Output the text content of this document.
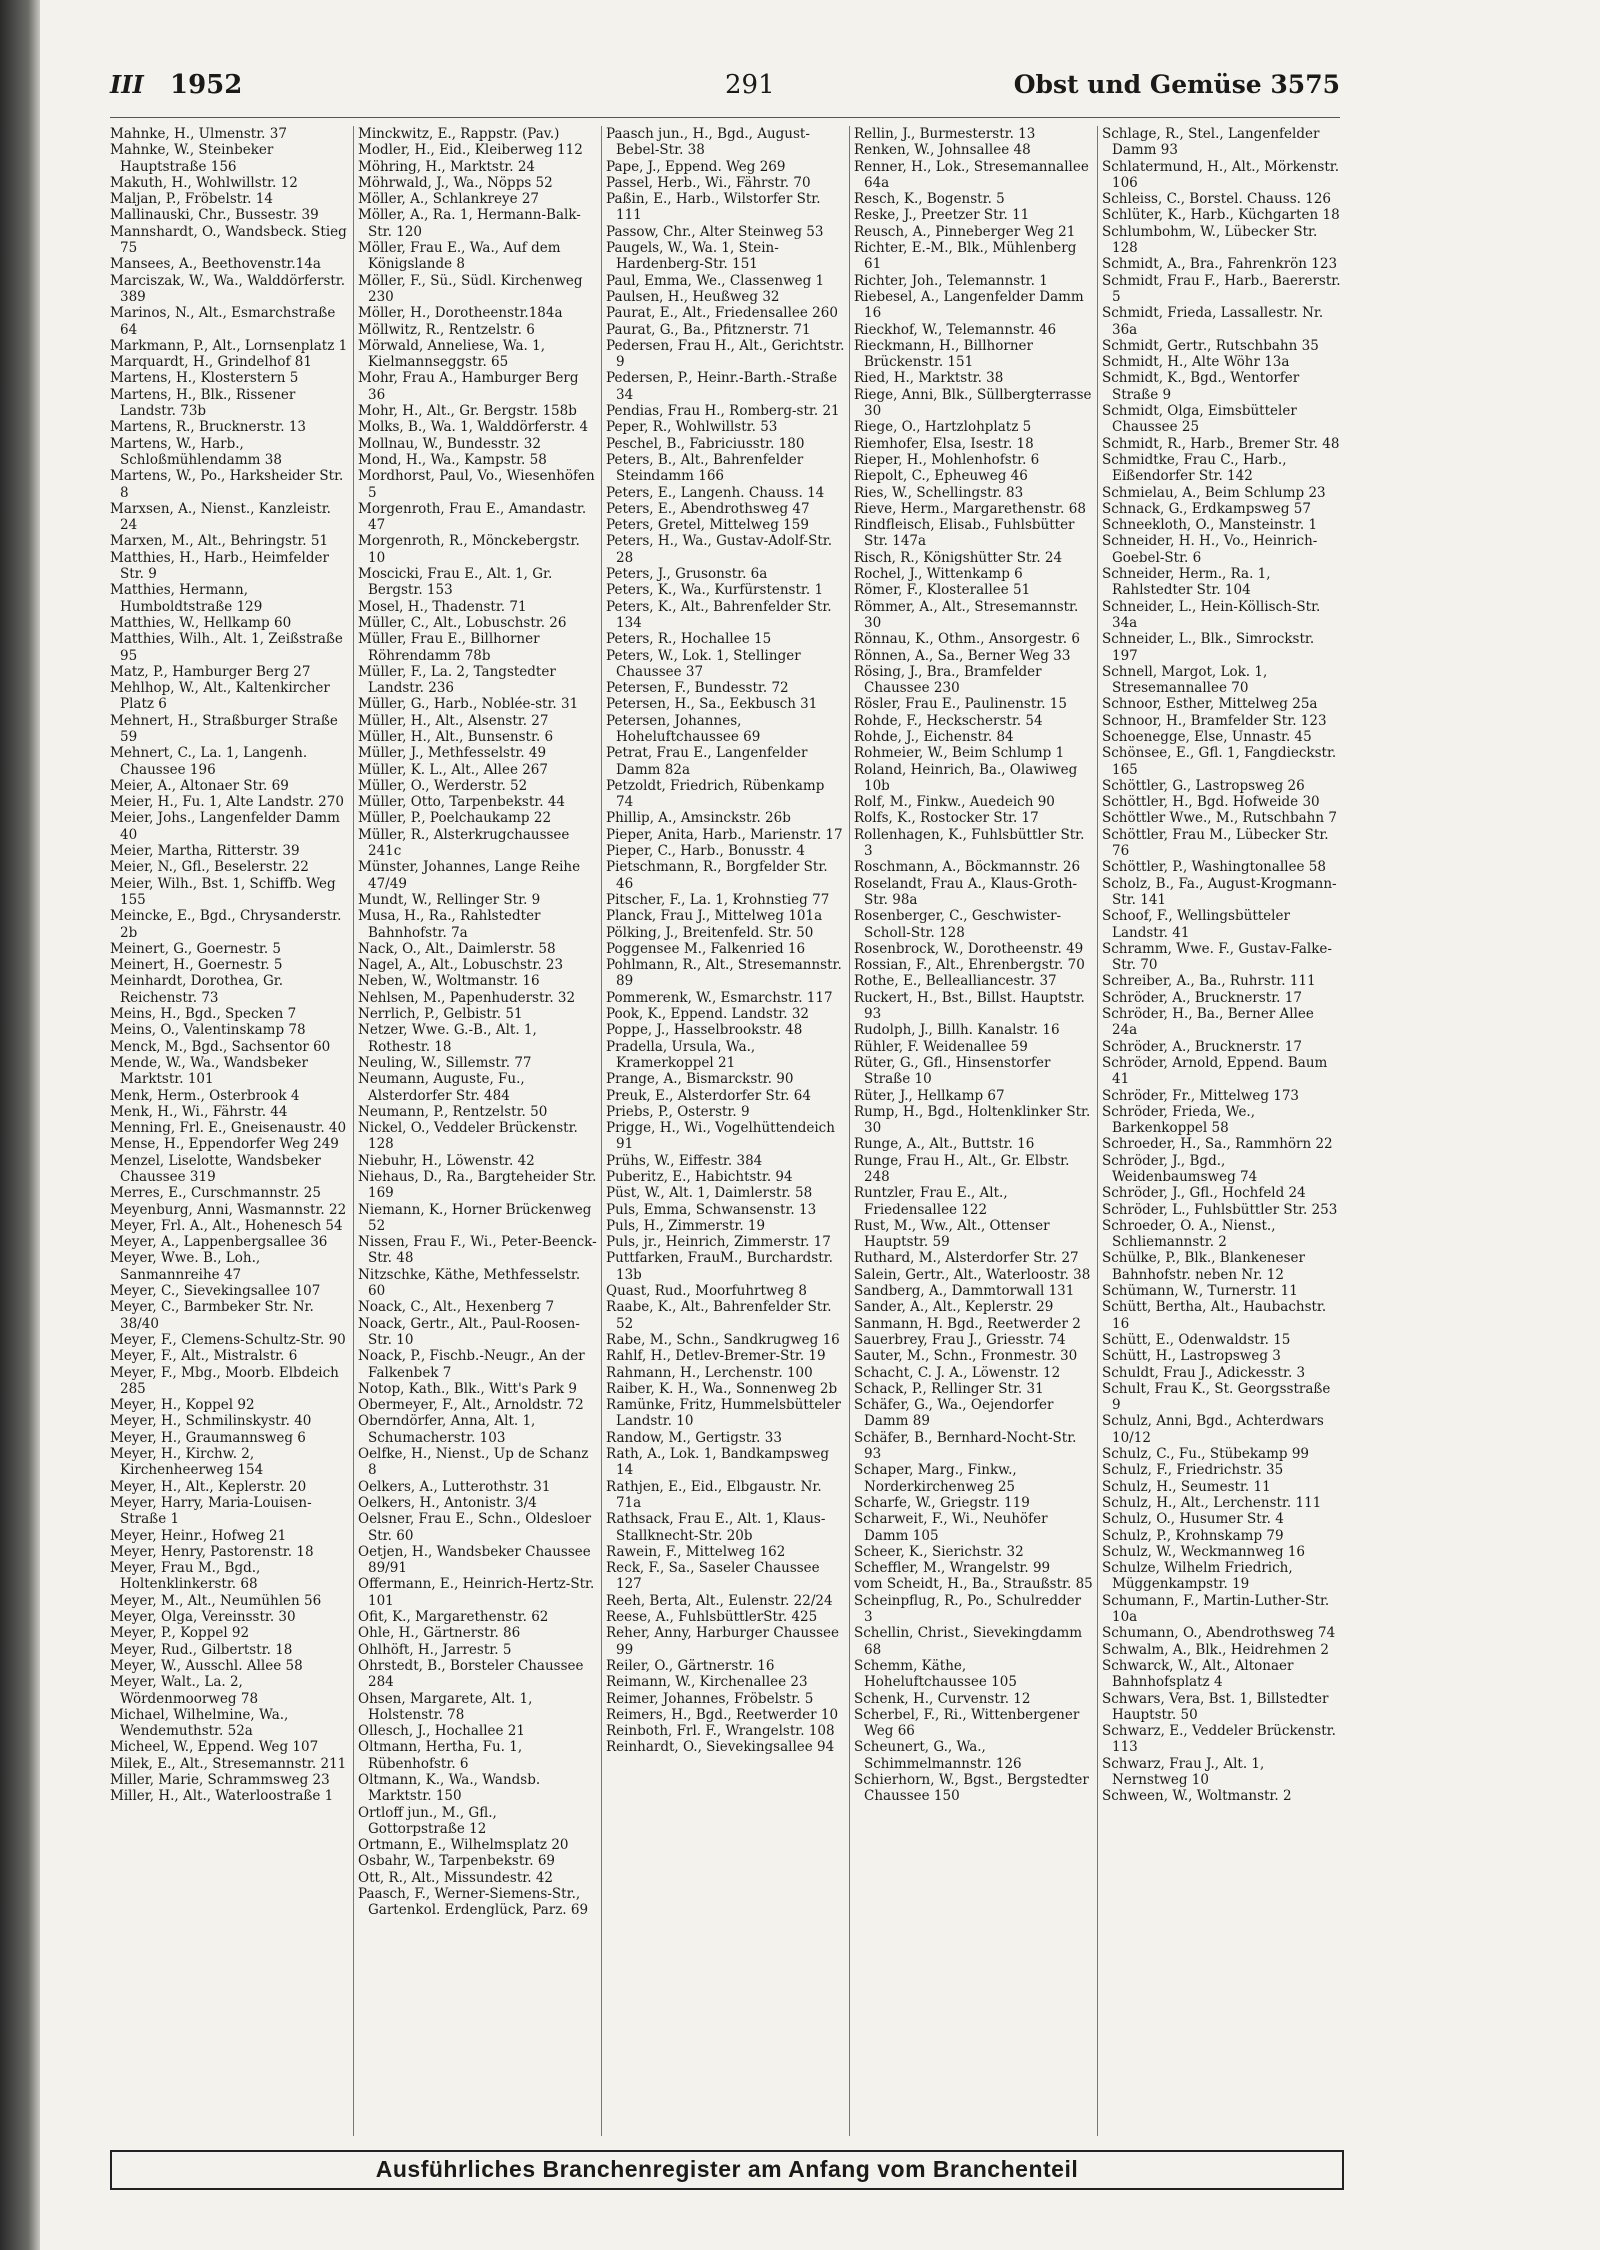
III 1952	291	Obst und Gemüse 3575
Mahnke, H., Ulmenstr. 37
Mahnke, W., Steinbeker Hauptstraße 156
Makuth, H., Wohlwillstr. 12
Maljan, P., Fröbelstr. 14
Mallinauski, Chr., Bussestr. 39
Mannshardt, O., Wandsbeck. Stieg 75
Mansees, A., Beethovenstr.14a
Marciszak, W., Wa., Walddörferstr. 389
Marinos, N., Alt., Esmarchstraße 64
Markmann, P., Alt., Lornsenplatz 1
Marquardt, H., Grindelhof 81
Martens, H., Klosterstern 5
Martens, H., Blk., Rissener Landstr. 73b
Martens, R., Brucknerstr. 13
Martens, W., Harb., Schloßmühlendamm 38
Martens, W., Po., Harksheider Str. 8
Marxsen, A., Nienst., Kanzleistr. 24
Marxen, M., Alt., Behringstr. 51
Matthies, H., Harb., Heimfelder Str. 9
Matthies, Hermann, Humboldtstraße 129
Matthies, W., Hellkamp 60
Matthies, Wilh., Alt. 1, Zeißstraße 95
Matz, P., Hamburger Berg 27
Mehlhop, W., Alt., Kaltenkircher Platz 6
Mehnert, H., Straßburger Straße 59
Mehnert, C., La. 1, Langenh. Chaussee 196
Meier, A., Altonaer Str. 69
Meier, H., Fu. 1, Alte Landstr. 270
Meier, Johs., Langenfelder Damm 40
Meier, Martha, Ritterstr. 39
Meier, N., Gfl., Beselerstr. 22
Meier, Wilh., Bst. 1, Schiffb. Weg 155
Meincke, E., Bgd., Chrysanderstr. 2b
Meinert, G., Goernestr. 5
Meinert, H., Goernestr. 5
Meinhardt, Dorothea, Gr. Reichenstr. 73
Meins, H., Bgd., Specken 7
Meins, O., Valentinskamp 78
Menck, M., Bgd., Sachsentor 60
Mende, W., Wa., Wandsbeker Marktstr. 101
Menk, Herm., Osterbrook 4
Menk, H., Wi., Fährstr. 44
Menning, Frl. E., Gneisenaustr. 40
Mense, H., Eppendorfer Weg 249
Menzel, Liselotte, Wandsbeker Chaussee 319
Merres, E., Curschmannstr. 25
Meyenburg, Anni, Wasmannstr. 22
Meyer, Frl. A., Alt., Hohenesch 54
Meyer, A., Lappenbergsallee 36
Meyer, Wwe. B., Loh., Sanmannreihe 47
Meyer, C., Sievekingsallee 107
Meyer, C., Barmbeker Str. Nr. 38/40
Meyer, F., Clemens-Schultz-Str. 90
Meyer, F., Alt., Mistralstr. 6
Meyer, F., Mbg., Moorb. Elbdeich 285
Meyer, H., Koppel 92
Meyer, H., Schmilinskystr. 40
Meyer, H., Graumannsweg 6
Meyer, H., Kirchw. 2, Kirchenheerweg 154
Meyer, H., Alt., Keplerstr. 20
Meyer, Harry, Maria-Louisen-Straße 1
Meyer, Heinr., Hofweg 21
Meyer, Henry, Pastorenstr. 18
Meyer, Frau M., Bgd., Holtenklinkerstr. 68
Meyer, M., Alt., Neumühlen 56
Meyer, Olga, Vereinsstr. 30
Meyer, P., Koppel 92
Meyer, Rud., Gilbertstr. 18
Meyer, W., Ausschl. Allee 58
Meyer, Walt., La. 2, Wördenmoorweg 78
Michael, Wilhelmine, Wa., Wendemuthstr. 52a
Micheel, W., Eppend. Weg 107
Milek, E., Alt., Stresemannstr. 211
Miller, Marie, Schrammsweg 23
Miller, H., Alt., Waterloostraße 1
Minckwitz, E., Rappstr. (Pav.)
Modler, H., Eid., Kleiberweg 112
Möhring, H., Marktstr. 24
Möhrwald, J., Wa., Nöpps 52
Möller, A., Schlankreye 27
Möller, A., Ra. 1, Hermann-Balk-Str. 120
Möller, Frau E., Wa., Auf dem Königslande 8
Möller, F., Sü., Südl. Kirchenweg 230
Möller, H., Dorotheenstr.184a
Möllwitz, R., Rentzelstr. 6
Mörwald, Anneliese, Wa. 1, Kielmannseggstr. 65
Mohr, Frau A., Hamburger Berg 36
Mohr, H., Alt., Gr. Bergstr. 158b
Molks, B., Wa. 1, Walddörferstr. 4
Mollnau, W., Bundesstr. 32
Mond, H., Wa., Kampstr. 58
Mordhorst, Paul, Vo., Wiesenhöfen 5
Morgenroth, Frau E., Amandastr. 47
Morgenroth, R., Mönckebergstr. 10
Moscicki, Frau E., Alt. 1, Gr. Bergstr. 153
Mosel, H., Thadenstr. 71
Müller, C., Alt., Lobuschstr. 26
Müller, Frau E., Billhorner Röhrendamm 78b
Müller, F., La. 2, Tangstedter Landstr. 236
Müller, G., Harb., Noblée-str. 31
Müller, H., Alt., Alsenstr. 27
Müller, H., Alt., Bunsenstr. 6
Müller, J., Methfesselstr. 49
Müller, K. L., Alt., Allee 267
Müller, O., Werderstr. 52
Müller, Otto, Tarpenbekstr. 44
Müller, P., Poelchaukamp 22
Müller, R., Alsterkrugchaussee 241c
Münster, Johannes, Lange Reihe 47/49
Mundt, W., Rellinger Str. 9
Musa, H., Ra., Rahlstedter Bahnhofstr. 7a
Nack, O., Alt., Daimlerstr. 58
Nagel, A., Alt., Lobuschstr. 23
Neben, W., Woltmanstr. 16
Nehlsen, M., Papenhuderstr. 32
Nerrlich, P., Gelbistr. 51
Netzer, Wwe. G.-B., Alt. 1, Rothestr. 18
Neuling, W., Sillemstr. 77
Neumann, Auguste, Fu., Alsterdorfer Str. 484
Neumann, P., Rentzelstr. 50
Nickel, O., Veddeler Brückenstr. 128
Niebuhr, H., Löwenstr. 42
Niehaus, D., Ra., Bargteheider Str. 169
Niemann, K., Horner Brückenweg 52
Nissen, Frau F., Wi., Peter-Beenck-Str. 48
Nitzschke, Käthe, Methfesselstr. 60
Noack, C., Alt., Hexenberg 7
Noack, Gertr., Alt., Paul-Roosen-Str. 10
Noack, P., Fischb.-Neugr., An der Falkenbek 7
Notop, Kath., Blk., Witt's Park 9
Obermeyer, F., Alt., Arnoldstr. 72
Oberndörfer, Anna, Alt. 1, Schumacherstr. 103
Oelfke, H., Nienst., Up de Schanz 8
Oelkers, A., Lutterothstr. 31
Oelkers, H., Antonistr. 3/4
Oelsner, Frau E., Schn., Oldesloer Str. 60
Oetjen, H., Wandsbeker Chaussee 89/91
Offermann, E., Heinrich-Hertz-Str. 101
Ofit, K., Margarethenstr. 62
Ohle, H., Gärtnerstr. 86
Ohlhöft, H., Jarrestr. 5
Ohrstedt, B., Borsteler Chaussee 284
Ohsen, Margarete, Alt. 1, Holstenstr. 78
Ollesch, J., Hochallee 21
Oltmann, Hertha, Fu. 1, Rübenhofstr. 6
Oltmann, K., Wa., Wandsb. Marktstr. 150
Ortloff jun., M., Gfl., Gottorpstraße 12
Ortmann, E., Wilhelmsplatz 20
Osbahr, W., Tarpenbekstr. 69
Ott, R., Alt., Missundestr. 42
Paasch, F., Werner-Siemens-Str., Gartenkol. Erdenglück, Parz. 69
Paasch jun., H., Bgd., August-Bebel-Str. 38
Pape, J., Eppend. Weg 269
Passel, Herb., Wi., Fährstr. 70
Paßin, E., Harb., Wilstorfer Str. 111
Passow, Chr., Alter Steinweg 53
Paugels, W., Wa. 1, Stein-Hardenberg-Str. 151
Paul, Emma, We., Classenweg 1
Paulsen, H., Heußweg 32
Paurat, E., Alt., Friedensallee 260
Paurat, G., Ba., Pfitznerstr. 71
Pedersen, Frau H., Alt., Gerichtstr. 9
Pedersen, P., Heinr.-Barth.-Straße 34
Pendias, Frau H., Romberg-str. 21
Peper, R., Wohlwillstr. 53
Peschel, B., Fabriciusstr. 180
Peters, B., Alt., Bahrenfelder Steindamm 166
Peters, E., Langenh. Chauss. 14
Peters, E., Abendrothsweg 47
Peters, Gretel, Mittelweg 159
Peters, H., Wa., Gustav-Adolf-Str. 28
Peters, J., Grusonstr. 6a
Peters, K., Wa., Kurfürstenstr. 1
Peters, K., Alt., Bahrenfelder Str. 134
Peters, R., Hochallee 15
Peters, W., Lok. 1, Stellinger Chaussee 37
Petersen, F., Bundesstr. 72
Petersen, H., Sa., Eekbusch 31
Petersen, Johannes, Hoheluftchaussee 69
Petrat, Frau E., Langenfelder Damm 82a
Petzoldt, Friedrich, Rübenkamp 74
Phillip, A., Amsinckstr. 26b
Pieper, Anita, Harb., Marienstr. 17
Pieper, C., Harb., Bonusstr. 4
Pietschmann, R., Borgfelder Str. 46
Pitscher, F., La. 1, Krohnstieg 77
Planck, Frau J., Mittelweg 101a
Pölking, J., Breitenfeld. Str. 50
Poggensee M., Falkenried 16
Pohlmann, R., Alt., Stresemannstr. 89
Pommerenk, W., Esmarchstr. 117
Pook, K., Eppend. Landstr. 32
Poppe, J., Hasselbrookstr. 48
Pradella, Ursula, Wa., Kramerkoppel 21
Prange, A., Bismarckstr. 90
Preuk, E., Alsterdorfer Str. 64
Priebs, P., Osterstr. 9
Prigge, H., Wi., Vogelhüttendeich 91
Prühs, W., Eiffestr. 384
Puberitz, E., Habichtstr. 94
Püst, W., Alt. 1, Daimlerstr. 58
Puls, Emma, Schwansenstr. 13
Puls, H., Zimmerstr. 19
Puls, jr., Heinrich, Zimmerstr. 17
Puttfarken, FrauM., Burchardstr. 13b
Quast, Rud., Moorfuhrtweg 8
Raabe, K., Alt., Bahrenfelder Str. 52
Rabe, M., Schn., Sandkrugweg 16
Rahlf, H., Detlev-Bremer-Str. 19
Rahmann, H., Lerchenstr. 100
Raiber, K. H., Wa., Sonnenweg 2b
Ramünke, Fritz, Hummelsbütteler Landstr. 10
Randow, M., Gertigstr. 33
Rath, A., Lok. 1, Bandkampsweg 14
Rathjen, E., Eid., Elbgaustr. Nr. 71a
Rathsack, Frau E., Alt. 1, Klaus-Stallknecht-Str. 20b
Rawein, F., Mittelweg 162
Reck, F., Sa., Saseler Chaussee 127
Reeh, Berta, Alt., Eulenstr. 22/24
Reese, A., FuhlsbüttlerStr. 425
Reher, Anny, Harburger Chaussee 99
Reiler, O., Gärtnerstr. 16
Reimann, W., Kirchenallee 23
Reimer, Johannes, Fröbelstr. 5
Reimers, H., Bgd., Reetwerder 10
Reinboth, Frl. F., Wrangelstr. 108
Reinhardt, O., Sievekingsallee 94
Rellin, J., Burmesterstr. 13
Renken, W., Johnsallee 48
Renner, H., Lok., Stresemannallee 64a
Resch, K., Bogenstr. 5
Reske, J., Preetzer Str. 11
Reusch, A., Pinneberger Weg 21
Richter, E.-M., Blk., Mühlenberg 61
Richter, Joh., Telemannstr. 1
Riebesel, A., Langenfelder Damm 16
Rieckhof, W., Telemannstr. 46
Rieckmann, H., Billhorner Brückenstr. 151
Ried, H., Marktstr. 38
Riege, Anni, Blk., Süllbergterrasse 30
Riege, O., Hartzlohplatz 5
Riemhofer, Elsa, Isestr. 18
Rieper, H., Mohlenhofstr. 6
Riepolt, C., Epheuweg 46
Ries, W., Schellingstr. 83
Rieve, Herm., Margarethenstr. 68
Rindfleisch, Elisab., Fuhlsbütter Str. 147a
Risch, R., Königshütter Str. 24
Rochel, J., Wittenkamp 6
Römer, F., Klosterallee 51
Römmer, A., Alt., Stresemannstr. 30
Rönnau, K., Othm., Ansorgestr. 6
Rönnen, A., Sa., Berner Weg 33
Rösing, J., Bra., Bramfelder Chaussee 230
Rösler, Frau E., Paulinenstr. 15
Rohde, F., Heckscherstr. 54
Rohde, J., Eichenstr. 84
Rohmeier, W., Beim Schlump 1
Roland, Heinrich, Ba., Olawiweg 10b
Rolf, M., Finkw., Auedeich 90
Rolfs, K., Rostocker Str. 17
Rollenhagen, K., Fuhlsbüttler Str. 3
Roschmann, A., Böckmannstr. 26
Roselandt, Frau A., Klaus-Groth-Str. 98a
Rosenberger, C., Geschwister-Scholl-Str. 128
Rosenbrock, W., Dorotheenstr. 49
Rossian, F., Alt., Ehrenbergstr. 70
Rothe, E., Bellealliancestr. 37
Ruckert, H., Bst., Billst. Hauptstr. 93
Rudolph, J., Billh. Kanalstr. 16
Rühler, F. Weidenallee 59
Rüter, G., Gfl., Hinsenstorfer Straße 10
Rüter, J., Hellkamp 67
Rump, H., Bgd., Holtenklinker Str. 30
Runge, A., Alt., Buttstr. 16
Runge, Frau H., Alt., Gr. Elbstr. 248
Runtzler, Frau E., Alt., Friedensallee 122
Rust, M., Ww., Alt., Ottenser Hauptstr. 59
Ruthard, M., Alsterdorfer Str. 27
Salein, Gertr., Alt., Waterloostr. 38
Sandberg, A., Dammtorwall 131
Sander, A., Alt., Keplerstr. 29
Sanmann, H. Bgd., Reetwerder 2
Sauerbrey, Frau J., Griesstr. 74
Sauter, M., Schn., Fronmestr. 30
Schacht, C. J. A., Löwenstr. 12
Schack, P., Rellinger Str. 31
Schäfer, G., Wa., Oejendorfer Damm 89
Schäfer, B., Bernhard-Nocht-Str. 93
Schaper, Marg., Finkw., Norderkirchenweg 25
Scharfe, W., Griegstr. 119
Scharweit, F., Wi., Neuhöfer Damm 105
Scheer, K., Sierichstr. 32
Scheffler, M., Wrangelstr. 99
vom Scheidt, H., Ba., Straußstr. 85
Scheinpflug, R., Po., Schulredder 3
Schellin, Christ., Sievekingdamm 68
Schemm, Käthe, Hoheluftchaussee 105
Schenk, H., Curvenstr. 12
Scherbel, F., Ri., Wittenbergener Weg 66
Scheunert, G., Wa., Schimmelmannstr. 126
Schierhorn, W., Bgst., Bergstedter Chaussee 150
Schlage, R., Stel., Langenfelder Damm 93
Schlatermund, H., Alt., Mörkenstr. 106
Schleiss, C., Borstel. Chauss. 126
Schlüter, K., Harb., Küchgarten 18
Schlumbohm, W., Lübecker Str. 128
Schmidt, A., Bra., Fahrenkrön 123
Schmidt, Frau F., Harb., Baererstr. 5
Schmidt, Frieda, Lassallestr. Nr. 36a
Schmidt, Gertr., Rutschbahn 35
Schmidt, H., Alte Wöhr 13a
Schmidt, K., Bgd., Wentorfer Straße 9
Schmidt, Olga, Eimsbütteler Chaussee 25
Schmidt, R., Harb., Bremer Str. 48
Schmidtke, Frau C., Harb., Eißendorfer Str. 142
Schmielau, A., Beim Schlump 23
Schnack, G., Erdkampsweg 57
Schneekloth, O., Mansteinstr. 1
Schneider, H. H., Vo., Heinrich-Goebel-Str. 6
Schneider, Herm., Ra. 1, Rahlstedter Str. 104
Schneider, L., Hein-Köllisch-Str. 34a
Schneider, L., Blk., Simrockstr. 197
Schnell, Margot, Lok. 1, Stresemannallee 70
Schnoor, Esther, Mittelweg 25a
Schnoor, H., Bramfelder Str. 123
Schoenegge, Else, Unnastr. 45
Schönsee, E., Gfl. 1, Fangdieckstr. 165
Schöttler, G., Lastropsweg 26
Schöttler, H., Bgd. Hofweide 30
Schöttler Wwe., M., Rutschbahn 7
Schöttler, Frau M., Lübecker Str. 76
Schöttler, P., Washingtonallee 58
Scholz, B., Fa., August-Krogmann-Str. 141
Schoof, F., Wellingsbütteler Landstr. 41
Schramm, Wwe. F., Gustav-Falke-Str. 70
Schreiber, A., Ba., Ruhrstr. 111
Schröder, A., Brucknerstr. 17
Schröder, H., Ba., Berner Allee 24a
Schröder, A., Brucknerstr. 17
Schröder, Arnold, Eppend. Baum 41
Schröder, Fr., Mittelweg 173
Schröder, Frieda, We., Barkenkoppel 58
Schroeder, H., Sa., Rammhörn 22
Schröder, J., Bgd., Weidenbaumsweg 74
Schröder, J., Gfl., Hochfeld 24
Schröder, L., Fuhlsbüttler Str. 253
Schroeder, O. A., Nienst., Schliemannstr. 2
Schülke, P., Blk., Blankeneser Bahnhofstr. neben Nr. 12
Schümann, W., Turnerstr. 11
Schütt, Bertha, Alt., Haubachstr. 16
Schütt, E., Odenwaldstr. 15
Schütt, H., Lastropsweg 3
Schuldt, Frau J., Adickesstr. 3
Schult, Frau K., St. Georgsstraße 9
Schulz, Anni, Bgd., Achterdwars 10/12
Schulz, C., Fu., Stübekamp 99
Schulz, F., Friedrichstr. 35
Schulz, H., Seumestr. 11
Schulz, H., Alt., Lerchenstr. 111
Schulz, O., Husumer Str. 4
Schulz, P., Krohnskamp 79
Schulz, W., Weckmannweg 16
Schulze, Wilhelm Friedrich, Müggenkampstr. 19
Schumann, F., Martin-Luther-Str. 10a
Schumann, O., Abendrothsweg 74
Schwalm, A., Blk., Heidrehmen 2
Schwarck, W., Alt., Altonaer Bahnhofsplatz 4
Schwars, Vera, Bst. 1, Billstedter Hauptstr. 50
Schwarz, E., Veddeler Brückenstr. 113
Schwarz, Frau J., Alt. 1, Nernstweg 10
Schween, W., Woltmanstr. 2
Ausführliches Branchenregister am Anfang vom Branchenteil
